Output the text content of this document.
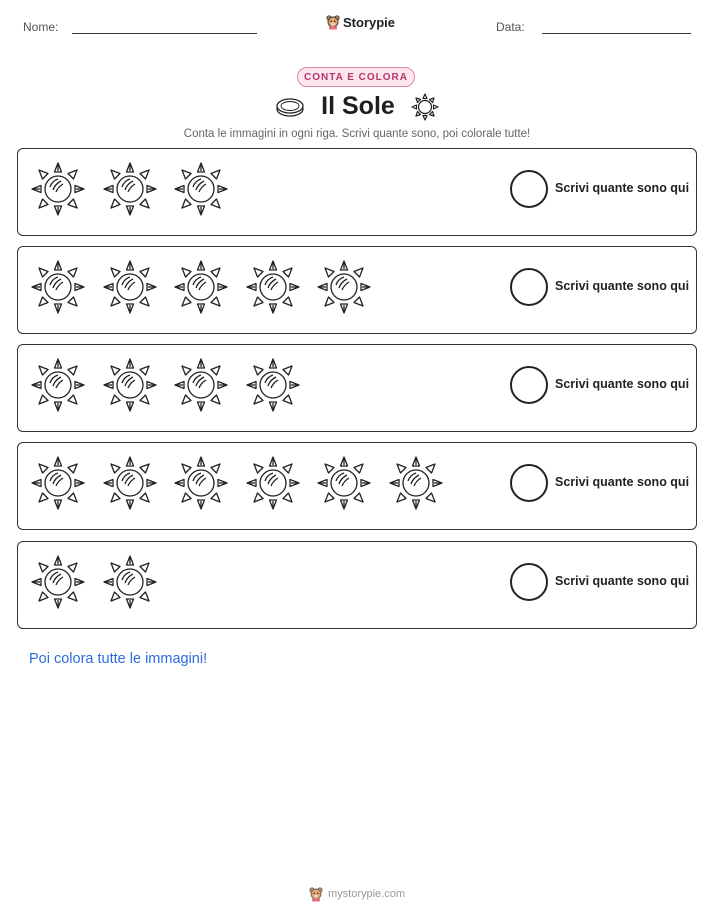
Nome:	Storypie	Data:
CONTA E COLORA
Il Sole
Conta le immagini in ogni riga. Scrivi quante sono, poi colorale tutte!
Scrivi quante sono qui
Scrivi quante sono qui
Scrivi quante sono qui
Scrivi quante sono qui
Scrivi quante sono qui
Poi colora tutte le immagini!
mystorypie.com
